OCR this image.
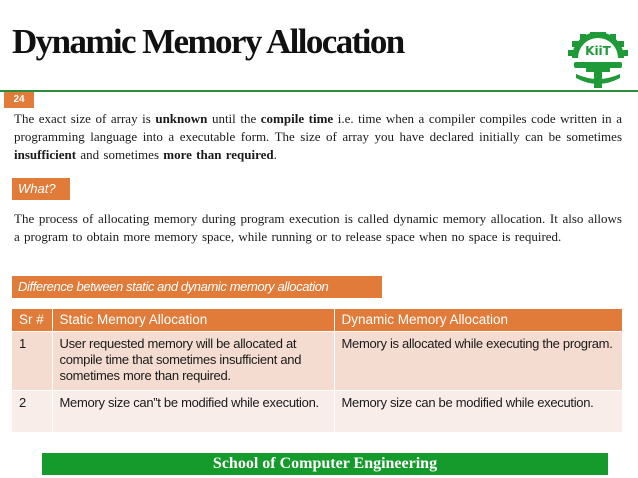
Dynamic Memory Allocation	KiiT
24
The exact size of array is unknown until the compile time i.e. time when a compiler compiles code written in a programming language into a executable form. The size of array you have declared initially can be sometimes insufficient and sometimes more than required.
What?
The process of allocating memory during program execution is called dynamic memory allocation. It also allows a program to obtain more memory space, while running or to release space when no space is required.
Difference between static and dynamic memory allocation
Sr #	Static Memory Allocation	Dynamic Memory Allocation
1	User requested memory will be allocated at compile time that sometimes insufficient and sometimes more than required.	Memory is allocated while executing the program.
2	Memory size can”t be modified while execution.	Memory size can be modified while execution.
School of Computer Engineering
